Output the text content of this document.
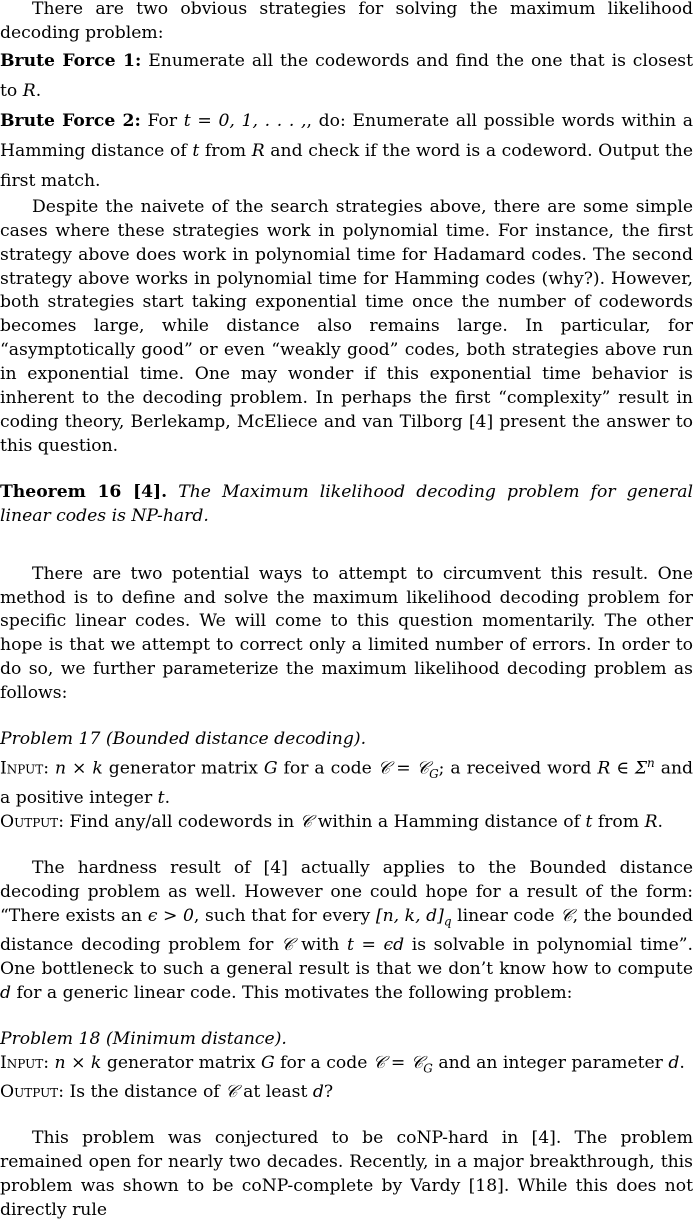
There are two obvious strategies for solving the maximum likelihood decoding problem:

Brute Force 1: Enumerate all the codewords and find the one that is closest to R.

Brute Force 2: For t = 0, 1, . . . ,, do: Enumerate all possible words within a Hamming distance of t from R and check if the word is a codeword. Output the first match.

Despite the naivete of the search strategies above, there are some simple cases where these strategies work in polynomial time. For instance, the first strategy above does work in polynomial time for Hadamard codes. The second strategy above works in polynomial time for Hamming codes (why?). However, both strategies start taking exponential time once the number of codewords becomes large, while distance also remains large. In particular, for “asymptotically good” or even “weakly good” codes, both strategies above run in exponential time. One may wonder if this exponential time behavior is inherent to the decoding problem. In perhaps the first “complexity” result in coding theory, Berlekamp, McEliece and van Tilborg [4] present the answer to this question.

Theorem 16 [4]. The Maximum likelihood decoding problem for general linear codes is NP-hard.

There are two potential ways to attempt to circumvent this result. One method is to define and solve the maximum likelihood decoding problem for specific linear codes. We will come to this question momentarily. The other hope is that we attempt to correct only a limited number of errors. In order to do so, we further parameterize the maximum likelihood decoding problem as follows:

Problem 17 (Bounded distance decoding).

Input: n × k generator matrix G for a code 𝒞 = 𝒞$_G$; a received word R ∈ $\Sigma^n$ and a positive integer t.

Output: Find any/all codewords in 𝒞 within a Hamming distance of t from R.

The hardness result of [4] actually applies to the Bounded distance decoding problem as well. However one could hope for a result of the form: “There exists an ϵ > 0, such that for every [n, k, $d]_q$ linear code 𝒞, the bounded distance decoding problem for 𝒞 with t = ϵd is solvable in polynomial time”. One bottleneck to such a general result is that we don’t know how to compute d for a generic linear code. This motivates the following problem:

Problem 18 (Minimum distance).

Input: n × k generator matrix G for a code 𝒞 = 𝒞$_G$ and an integer parameter d.

Output: Is the distance of 𝒞 at least d?

This problem was conjectured to be coNP-hard in [4]. The problem remained open for nearly two decades. Recently, in a major breakthrough, this problem was shown to be coNP-complete by Vardy [18]. While this does not directly rule
